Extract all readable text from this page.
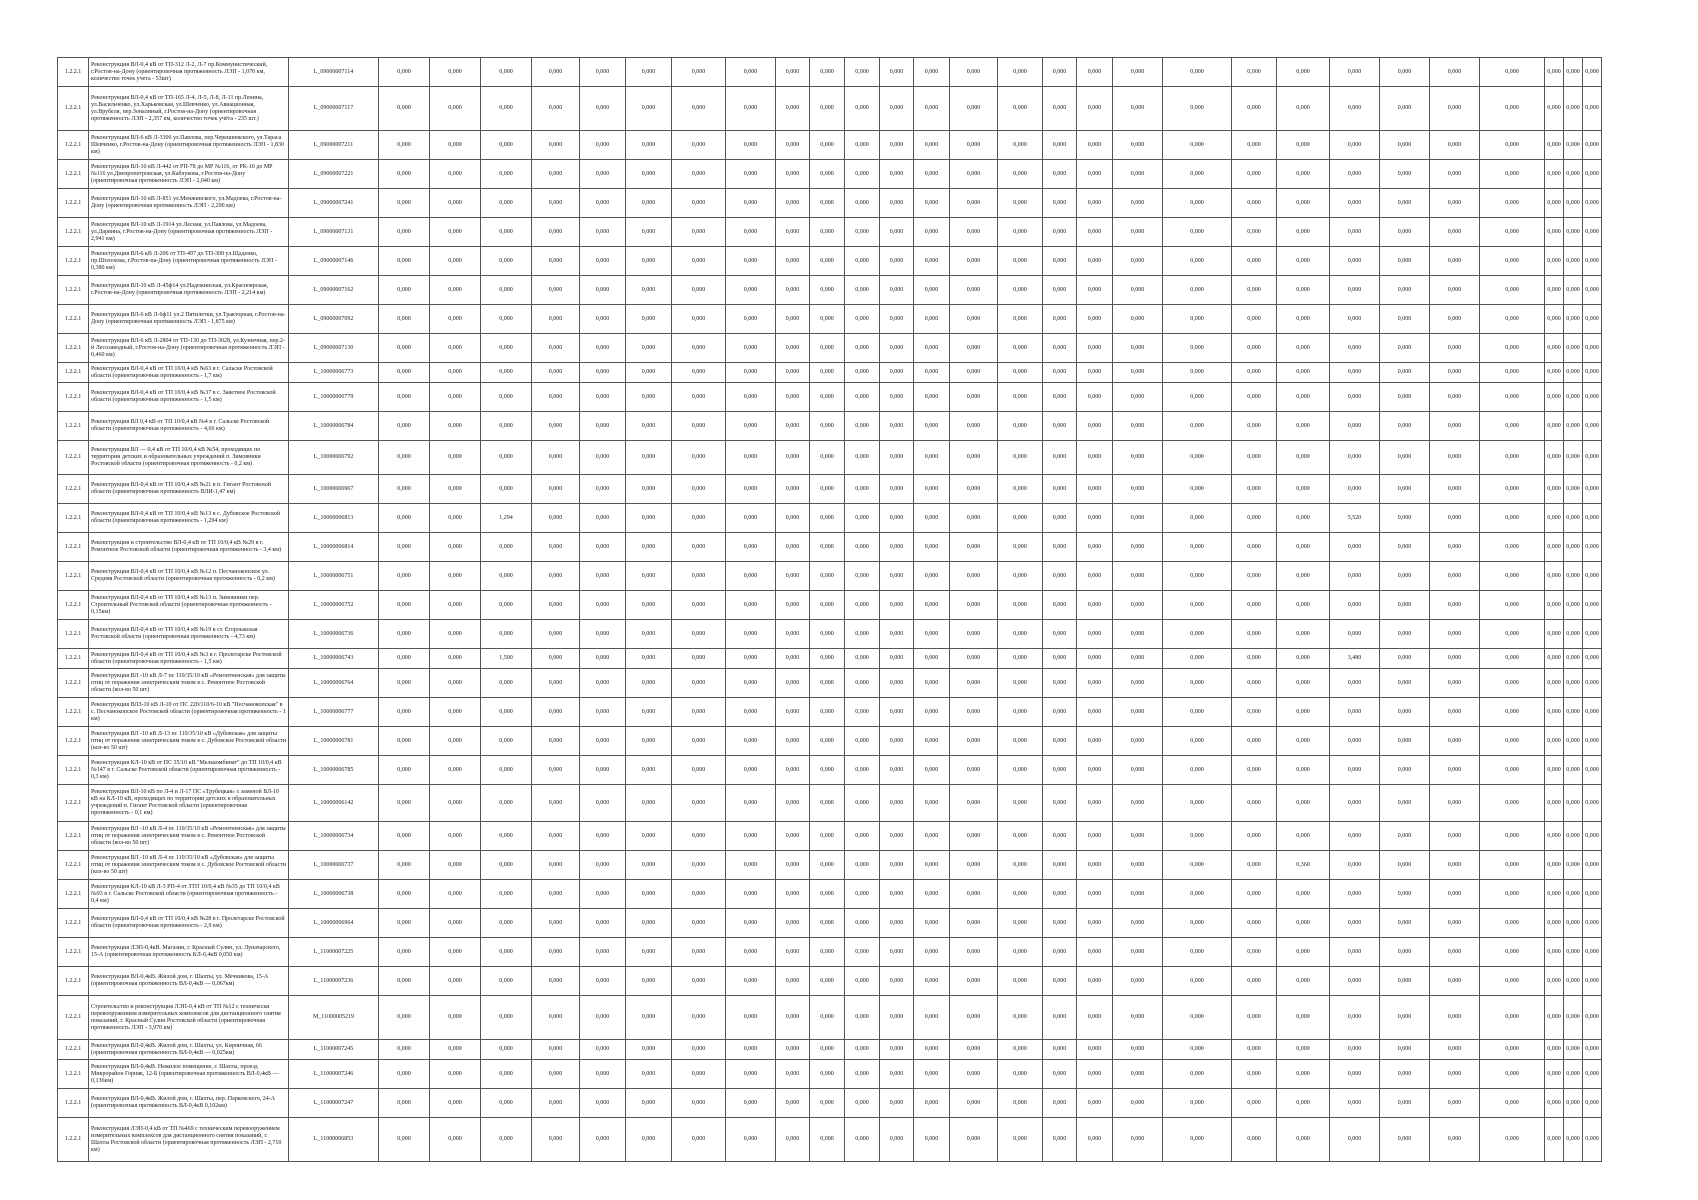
1.2.2.1	Реконструкция ВЛ-0,4 кВ от ТП-312 Л-2, Л-7 пр.Коммунистический, г.Ростов-на-Дону (ориентировочная протяженность ЛЭП - 1,070 км, количество точек учета - 53шт)	L_09000007114	0,000	0,000	0,000	0,000	0,000	0,000	0,000	0,000	0,000	0,000	0,000	0,000	0,000	0,000	0,000	0,000	0,000	0,000	0,000	0,000	0,000	0,000	0,000	0,000	0,000	0,000	0,000	0,000
1.2.2.1	Реконструкция ВЛ-0,4 кВ от ТП-165 Л-4, Л-5, Л-8, Л-11 пр.Ленина, ул.Васильченко, ул.Харьковская, ул.Шевченко, ул.Авиационная, ул.Врубеля, пер.Зоналиный, г.Ростов-на-Дону (ориентировочная протяженность ЛЭП - 2,357 км, количество точек учёта - 235 шт.)	L_09000007117	0,000	0,000	0,000	0,000	0,000	0,000	0,000	0,000	0,000	0,000	0,000	0,000	0,000	0,000	0,000	0,000	0,000	0,000	0,000	0,000	0,000	0,000	0,000	0,000	0,000	0,000	0,000	0,000
1.2.2.1	Реконструкция ВЛ-6 кВ Л-3306 ул.Павлова, пер.Черешиевского, ул.Тараса Шевченко, г.Ростов-на-Дону (ориентировочная протяженность ЛЭП - 1,830 км)	L_09000007211	0,000	0,000	0,000	0,000	0,000	0,000	0,000	0,000	0,000	0,000	0,000	0,000	0,000	0,000	0,000	0,000	0,000	0,000	0,000	0,000	0,000	0,000	0,000	0,000	0,000	0,000	0,000	0,000
1.2.2.1	Реконструкция ВЛ-10 кВ Л-442 от РП-78 до МР №116, от РК-10 до МР №116 ул.Днепропетровская, ул.Каблукова, г.Ростов-на-Дону (ориентировочная протяженность ЛЭП - 2,040 км)	L_09000007221	0,000	0,000	0,000	0,000	0,000	0,000	0,000	0,000	0,000	0,000	0,000	0,000	0,000	0,000	0,000	0,000	0,000	0,000	0,000	0,000	0,000	0,000	0,000	0,000	0,000	0,000	0,000	0,000
1.2.2.1	Реконструкция ВЛ-10 кВ Л-851 ул.Менжинского, ул.Мадоева, г.Ростов-на-Дону (ориентировочная протяженность ЛЭП - 2,290 км)	L_09000007241	0,000	0,000	0,000	0,000	0,000	0,000	0,000	0,000	0,000	0,000	0,000	0,000	0,000	0,000	0,000	0,000	0,000	0,000	0,000	0,000	0,000	0,000	0,000	0,000	0,000	0,000	0,000	0,000
1.2.2.1	Реконструкция ВЛ-10 кВ Л-1914 ул.Лесная, ул.Павлова, ул.Мадоева, ул.Дарвина, г.Ростов-на-Дону (ориентировочная протяженность ЛЭП - 2,941 км)	L_09000007131	0,000	0,000	0,000	0,000	0,000	0,000	0,000	0,000	0,000	0,000	0,000	0,000	0,000	0,000	0,000	0,000	0,000	0,000	0,000	0,000	0,000	0,000	0,000	0,000	0,000	0,000	0,000	0,000
1.2.2.1	Реконструкция ВЛ-6 кВ Л-206 от ТП-497 до ТП-308 ул.Щаденко, пр.Шолохова, г.Ростов-на-Дону (ориентировочная протяженность ЛЭП - 0,380 км)	L_09000007146	0,000	0,000	0,000	0,000	0,000	0,000	0,000	0,000	0,000	0,000	0,000	0,000	0,000	0,000	0,000	0,000	0,000	0,000	0,000	0,000	0,000	0,000	0,000	0,000	0,000	0,000	0,000	0,000
1.2.2.1	Реконструкция ВЛ-10 кВ Л-45ф14 ул.Надежинская, ул.Красноярская, г.Ростов-на-Дону (ориентировочная протяженность ЛЭП - 2,214 км)	L_09000007162	0,000	0,000	0,000	0,000	0,000	0,000	0,000	0,000	0,000	0,000	0,000	0,000	0,000	0,000	0,000	0,000	0,000	0,000	0,000	0,000	0,000	0,000	0,000	0,000	0,000	0,000	0,000	0,000
1.2.2.1	Реконструкция ВЛ-6 кВ Л-6ф11 ул.2 Пятилетки, ул.Тракторная, г.Ростов-на-Дону (ориентировочная протяженность ЛЭП - 1,875 км)	L_09000007092	0,000	0,000	0,000	0,000	0,000	0,000	0,000	0,000	0,000	0,000	0,000	0,000	0,000	0,000	0,000	0,000	0,000	0,000	0,000	0,000	0,000	0,000	0,000	0,000	0,000	0,000	0,000	0,000
1.2.2.1	Реконструкция ВЛ-6 кВ Л-2804 от ТП-130 до ТП-3028, ул.Кузнечная, пер.2-й Лесозаводный, г.Ростов-на-Дону (ориентировочная протяженность ЛЭП - 0,460 км)	L_09000007130	0,000	0,000	0,000	0,000	0,000	0,000	0,000	0,000	0,000	0,000	0,000	0,000	0,000	0,000	0,000	0,000	0,000	0,000	0,000	0,000	0,000	0,000	0,000	0,000	0,000	0,000	0,000	0,000
1.2.2.1	Реконструкция ВЛ-0,4 кВ от ТП 10/0,4 кВ №63 в г. Сальске Ростовской области (ориентировочная протяженность - 1,7 км)	L_10000006773	0,000	0,000	0,000	0,000	0,000	0,000	0,000	0,000	0,000	0,000	0,000	0,000	0,000	0,000	0,000	0,000	0,000	0,000	0,000	0,000	0,000	0,000	0,000	0,000	0,000	0,000	0,000	0,000
1.2.2.1	Реконструкция ВЛ-0,4 кВ от ТП 10/0,4 кВ №37 в с. Заветное Ростовской области (ориентировочная протяженность - 1,5 км)	L_10000006779	0,000	0,000	0,000	0,000	0,000	0,000	0,000	0,000	0,000	0,000	0,000	0,000	0,000	0,000	0,000	0,000	0,000	0,000	0,000	0,000	0,000	0,000	0,000	0,000	0,000	0,000	0,000	0,000
1.2.2.1	Реконструкция ВЛ 0,4 кВ от ТП 10/0,4 кВ №4 в г. Сальске Ростовской области (ориентировочная протяженность - 4,66 км)	L_10000006784	0,000	0,000	0,000	0,000	0,000	0,000	0,000	0,000	0,000	0,000	0,000	0,000	0,000	0,000	0,000	0,000	0,000	0,000	0,000	0,000	0,000	0,000	0,000	0,000	0,000	0,000	0,000	0,000
1.2.2.1	Реконструкция ВЛ — 0,4 кВ от ТП 10/0,4 кВ №54, проходящих по территории детских и образовательных учреждений п. Зимовники Ростовской области (ориентировочная протяженность - 0,2 км)	L_10000006792	0,000	0,000	0,000	0,000	0,000	0,000	0,000	0,000	0,000	0,000	0,000	0,000	0,000	0,000	0,000	0,000	0,000	0,000	0,000	0,000	0,000	0,000	0,000	0,000	0,000	0,000	0,000	0,000
1.2.2.1	Реконструкция ВЛ-0,4 кВ от ТП 10/0,4 кВ №21 в п. Гигант Ростовской области (ориентировочная протяженность ВЛИ-1,47 км)	L_10000006967	0,000	0,000	0,000	0,000	0,000	0,000	0,000	0,000	0,000	0,000	0,000	0,000	0,000	0,000	0,000	0,000	0,000	0,000	0,000	0,000	0,000	0,000	0,000	0,000	0,000	0,000	0,000	0,000
1.2.2.1	Реконструкция ВЛ-0,4 кВ от ТП 10/0,4 кВ №13 в с. Дубовское Ростовской области (ориентировочная протяженность - 1,294 км)	L_10000006813	0,000	0,000	1,294	0,000	0,000	0,000	0,000	0,000	0,000	0,000	0,000	0,000	0,000	0,000	0,000	0,000	0,000	0,000	0,000	0,000	0,000	5,520	0,000	0,000	0,000	0,000	0,000	0,000
1.2.2.1	Реконструкция и строительство ВЛ-0,4 кВ от ТП 10/0,4 кВ №29 в г. Ремонтное Ростовской области (ориентировочная протяженность - 3,4 км)	L_10000006814	0,000	0,000	0,000	0,000	0,000	0,000	0,000	0,000	0,000	0,000	0,000	0,000	0,000	0,000	0,000	0,000	0,000	0,000	0,000	0,000	0,000	0,000	0,000	0,000	0,000	0,000	0,000	0,000
1.2.2.1	Реконструкция ВЛ-0,4 кВ от ТП 10/0,4 кВ №12 п. Песчанокопское ул. Средняя Ростовской области (ориентировочная протяженность - 0,2 км)	L_10000006751	0,000	0,000	0,000	0,000	0,000	0,000	0,000	0,000	0,000	0,000	0,000	0,000	0,000	0,000	0,000	0,000	0,000	0,000	0,000	0,000	0,000	0,000	0,000	0,000	0,000	0,000	0,000	0,000
1.2.2.1	Реконструкция ВЛ-0,4 кВ от ТП 10/0,4 кВ №13 п. Зимовники пер. Строительный Ростовской области (ориентировочная протяженность - 0,15км)	L_10000006752	0,000	0,000	0,000	0,000	0,000	0,000	0,000	0,000	0,000	0,000	0,000	0,000	0,000	0,000	0,000	0,000	0,000	0,000	0,000	0,000	0,000	0,000	0,000	0,000	0,000	0,000	0,000	0,000
1.2.2.1	Реконструкция ВЛ-0,4 кВ от ТП 10/0,4 кВ №19 в ст. Егорлыкская Ростовской области (ориентировочная протяженность - 4,73 км)	L_10000006736	0,000	0,000	0,000	0,000	0,000	0,000	0,000	0,000	0,000	0,000	0,000	0,000	0,000	0,000	0,000	0,000	0,000	0,000	0,000	0,000	0,000	0,000	0,000	0,000	0,000	0,000	0,000	0,000
1.2.2.1	Реконструкция ВЛ-0,4 кВ от ТП 10/0,4 кВ №3 в г. Пролетарске Ростовской области (ориентировочная протяженность - 1,5 км)	L_10000006743	0,000	0,000	1,500	0,000	0,000	0,000	0,000	0,000	0,000	0,000	0,000	0,000	0,000	0,000	0,000	0,000	0,000	0,000	0,000	0,000	0,000	3,480	0,000	0,000	0,000	0,000	0,000	0,000
1.2.2.1	Реконструкция ВЛ -10 кВ Л-7 пс 110/35/10 кВ «Ремонтненская» для защиты птиц от поражения электрическим током в с. Ремонтное Ростовской области (кол-во 50 шт)	L_10000006764	0,000	0,000	0,000	0,000	0,000	0,000	0,000	0,000	0,000	0,000	0,000	0,000	0,000	0,000	0,000	0,000	0,000	0,000	0,000	0,000	0,000	0,000	0,000	0,000	0,000	0,000	0,000	0,000
1.2.2.1	Реконструкция ВЛЗ-10 кВ Л-10 от ПС 220/110/6-10 кВ "Песчанокопская" в с. Песчанокопское Ростовской области (ориентировочная протяженность - 1 км)	L_10000006777	0,000	0,000	0,000	0,000	0,000	0,000	0,000	0,000	0,000	0,000	0,000	0,000	0,000	0,000	0,000	0,000	0,000	0,000	0,000	0,000	0,000	0,000	0,000	0,000	0,000	0,000	0,000	0,000
1.2.2.1	Реконструкция ВЛ -10 кВ Л-13 пс 110/35/10 кВ «Дубовская» для защиты птиц от поражения электрическим током в с. Дубовское Ростовской области (кол-во 50 шт)	L_10000006781	0,000	0,000	0,000	0,000	0,000	0,000	0,000	0,000	0,000	0,000	0,000	0,000	0,000	0,000	0,000	0,000	0,000	0,000	0,000	0,000	0,000	0,000	0,000	0,000	0,000	0,000	0,000	0,000
1.2.2.1	Реконструкция КЛ-10 кВ от ПС 35/10 кВ "Мелькомбинат" до ТП 10/0,4 кВ №147 в г. Сальске Ростовской области (ориентировочная протяженность - 0,3 км)	L_10000006785	0,000	0,000	0,000	0,000	0,000	0,000	0,000	0,000	0,000	0,000	0,000	0,000	0,000	0,000	0,000	0,000	0,000	0,000	0,000	0,000	0,000	0,000	0,000	0,000	0,000	0,000	0,000	0,000
1.2.2.1	Реконструкция ВЛ-10 кВ по Л-4 и Л-17 ПС «Трубецкая» с заменой ВЛ-10 кВ на КЛ-10 кВ, проходящих по территории детских и образовательных учреждений п. Гигант Ростовской области (ориентировочная протяженность - 0,1 км)	L_10000006142	0,000	0,000	0,000	0,000	0,000	0,000	0,000	0,000	0,000	0,000	0,000	0,000	0,000	0,000	0,000	0,000	0,000	0,000	0,000	0,000	0,000	0,000	0,000	0,000	0,000	0,000	0,000	0,000
1.2.2.1	Реконструкция ВЛ -10 кВ Л-4 пс 110/35/10 кВ «Ремонтненская» для защиты птиц от поражения электрическим током в с. Ремонтное Ростовской области (кол-во 50 шт)	L_10000006734	0,000	0,000	0,000	0,000	0,000	0,000	0,000	0,000	0,000	0,000	0,000	0,000	0,000	0,000	0,000	0,000	0,000	0,000	0,000	0,000	0,000	0,000	0,000	0,000	0,000	0,000	0,000	0,000
1.2.2.1	Реконструкция ВЛ -10 кВ Л-4 пс 110/35/10 кВ «Дубовская» для защиты птиц от поражения электрическим током в с. Дубовское Ростовской области (кол-во 50 шт)	L_10000006737	0,000	0,000	0,000	0,000	0,000	0,000	0,000	0,000	0,000	0,000	0,000	0,000	0,000	0,000	0,000	0,000	0,000	0,000	0,000	0,000	0,360	0,000	0,000	0,000	0,000	0,000	0,000	0,000
1.2.2.1	Реконструкция КЛ-10 кВ Л-3 РП-4 от ЗТП 10/0,4 кВ №35 до ТП 10/0,4 кВ №93 в г. Сальске Ростовской области (ориентировочная протяженность - 0,4 км)	L_10000006738	0,000	0,000	0,000	0,000	0,000	0,000	0,000	0,000	0,000	0,000	0,000	0,000	0,000	0,000	0,000	0,000	0,000	0,000	0,000	0,000	0,000	0,000	0,000	0,000	0,000	0,000	0,000	0,000
1.2.2.1	Реконструкция ВЛ-0,4 кВ от ТП 10/0,4 кВ №28 в г. Пролетарске Ростовской области (ориентировочная протяженность - 2,9 км)	L_10000006964	0,000	0,000	0,000	0,000	0,000	0,000	0,000	0,000	0,000	0,000	0,000	0,000	0,000	0,000	0,000	0,000	0,000	0,000	0,000	0,000	0,000	0,000	0,000	0,000	0,000	0,000	0,000	0,000
1.2.2.1	Реконструкция ЛЭП-0,4кВ. Магазин, г. Красный Сулин, ул. Луначарского, 15-А (ориентировочная протяженность КЛ-0,4кВ 0,050 км)	L_11000007225	0,000	0,000	0,000	0,000	0,000	0,000	0,000	0,000	0,000	0,000	0,000	0,000	0,000	0,000	0,000	0,000	0,000	0,000	0,000	0,000	0,000	0,000	0,000	0,000	0,000	0,000	0,000	0,000
1.2.2.1	Реконструкция ВЛ-0,4кВ. Жилой дом, г. Шахты, ул. Мечникова, 15-А (ориентировочная протяженность ВЛ-0,4кВ — 0,067км)	L_11000007236	0,000	0,000	0,000	0,000	0,000	0,000	0,000	0,000	0,000	0,000	0,000	0,000	0,000	0,000	0,000	0,000	0,000	0,000	0,000	0,000	0,000	0,000	0,000	0,000	0,000	0,000	0,000	0,000
1.2.2.1	Строительство и реконструкция ЛЭП-0,4 кВ от ТП №12 с технически перевооружением измерительных комплексов для дистанционного снятия показаний, г. Красный Сулин Ростовской области (ориентировочная протяженность ЛЭП - 3,970 км)	M_11000005219	0,000	0,000	0,000	0,000	0,000	0,000	0,000	0,000	0,000	0,000	0,000	0,000	0,000	0,000	0,000	0,000	0,000	0,000	0,000	0,000	0,000	0,000	0,000	0,000	0,000	0,000	0,000	0,000
1.2.2.1	Реконструкция ВЛ-0,4кВ. Жилой дом, г. Шахты, ул. Кирпичная, 66 (ориентировочная протяженность ВЛ-0,4кВ — 0,025км)	L_11000007245	0,000	0,000	0,000	0,000	0,000	0,000	0,000	0,000	0,000	0,000	0,000	0,000	0,000	0,000	0,000	0,000	0,000	0,000	0,000	0,000	0,000	0,000	0,000	0,000	0,000	0,000	0,000	0,000
1.2.2.1	Реконструкция ВЛ-0,4кВ. Нежилое помещение, г. Шахты, проезд Микрорайон Горняк, 12-Б (ориентировочная протяженность ВЛ-0,4кВ — 0,136км)	L_11000007246	0,000	0,000	0,000	0,000	0,000	0,000	0,000	0,000	0,000	0,000	0,000	0,000	0,000	0,000	0,000	0,000	0,000	0,000	0,000	0,000	0,000	0,000	0,000	0,000	0,000	0,000	0,000	0,000
1.2.2.1	Реконструкция ВЛ-0,4кВ. Жилой дом, г. Шахты, пер. Парковского, 24-А (ориентировочная протяженность ВЛ-0,4кВ 0,102км)	L_11000007247	0,000	0,000	0,000	0,000	0,000	0,000	0,000	0,000	0,000	0,000	0,000	0,000	0,000	0,000	0,000	0,000	0,000	0,000	0,000	0,000	0,000	0,000	0,000	0,000	0,000	0,000	0,000	0,000
1.2.2.1	Реконструкция ЛЭП-0,4 кВ от ТП №469 с техническим перевооружением измерительных комплексов для дистанционного снятия показаний, г. Шахты Ростовской области (ориентировочная протяженность ЛЭП - 2,710 км)	L_11000006853	0,000	0,000	0,000	0,000	0,000	0,000	0,000	0,000	0,000	0,000	0,000	0,000	0,000	0,000	0,000	0,000	0,000	0,000	0,000	0,000	0,000	0,000	0,000	0,000	0,000	0,000	0,000	0,000
